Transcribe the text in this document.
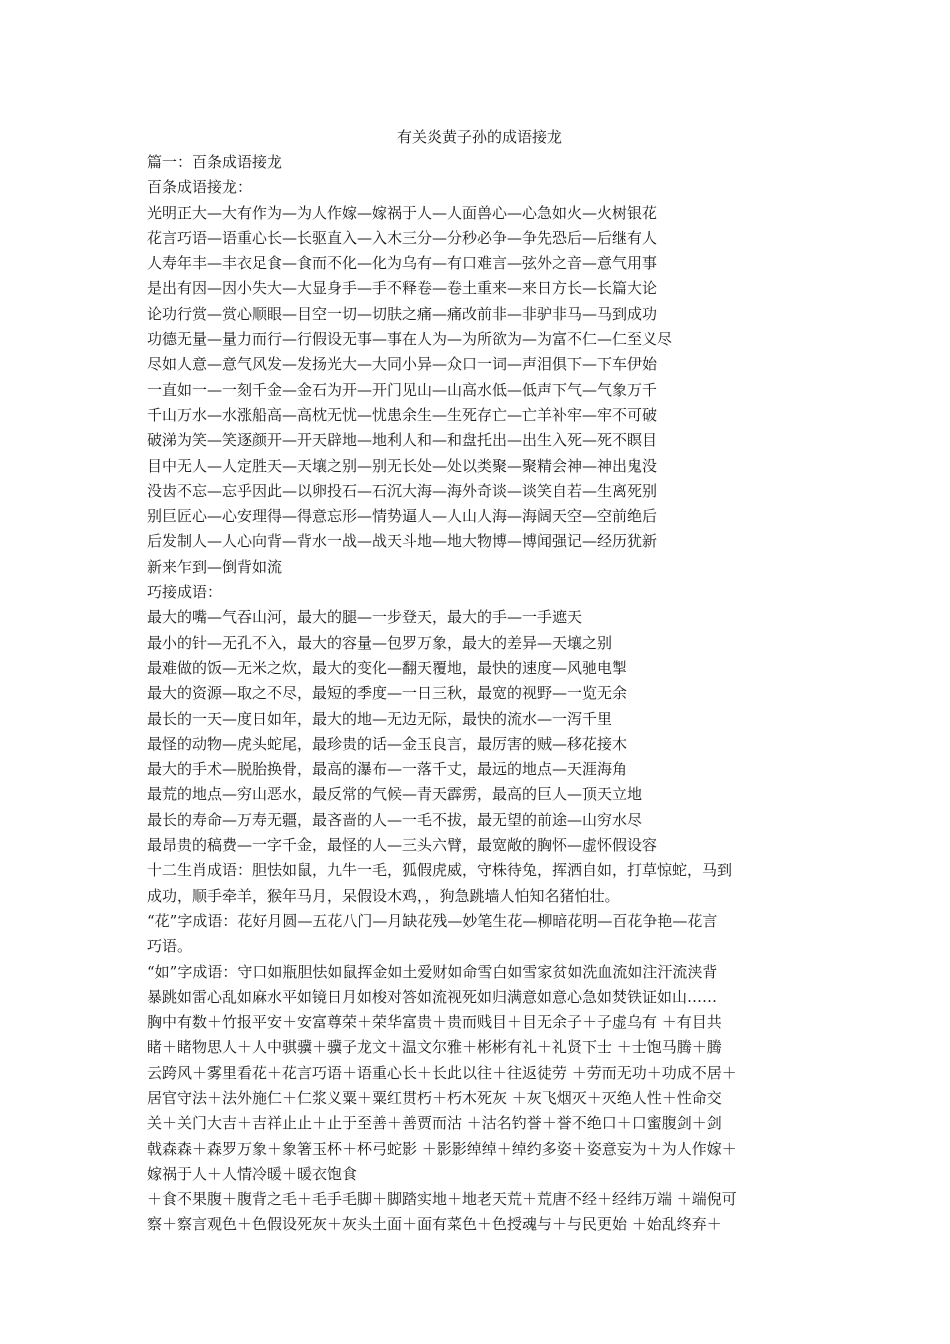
有关炎黄子孙的成语接龙

篇一：百条成语接龙

百条成语接龙：

光明正大—大有作为—为人作嫁—嫁祸于人—人面兽心—心急如火—火树银花

花言巧语—语重心长—长驱直入—入木三分—分秒必争—争先恐后—后继有人

人寿年丰—丰衣足食—食而不化—化为乌有—有口难言—弦外之音—意气用事

是出有因—因小失大—大显身手—手不释卷—卷土重来—来日方长—长篇大论

论功行赏—赏心顺眼—目空一切—切肤之痛—痛改前非—非驴非马—马到成功

功德无量—量力而行—行假设无事—事在人为—为所欲为—为富不仁—仁至义尽

尽如人意—意气风发—发扬光大—大同小异—众口一词—声泪俱下—下车伊始

一直如一—一刻千金—金石为开—开门见山—山高水低—低声下气—气象万千

千山万水—水涨船高—高枕无忧—忧患余生—生死存亡—亡羊补牢—牢不可破

破涕为笑—笑逐颜开—开天辟地—地利人和—和盘托出—出生入死—死不瞑目

目中无人—人定胜天—天壤之别—别无长处—处以类聚—聚精会神—神出鬼没

没齿不忘—忘乎因此—以卵投石—石沉大海—海外奇谈—谈笑自若—生离死别

别巨匠心—心安理得—得意忘形—情势逼人—人山人海—海阔天空—空前绝后

后发制人—人心向背—背水一战—战天斗地—地大物博—博闻强记—经历犹新

新来乍到—倒背如流

巧接成语：

最大的嘴—气吞山河，最大的腿—一步登天，最大的手—一手遮天

最小的针—无孔不入，最大的容量—包罗万象，最大的差异—天壤之别

最难做的饭—无米之炊，最大的变化—翻天覆地，最快的速度—风驰电掣

最大的资源—取之不尽，最短的季度—一日三秋，最宽的视野—一览无余

最长的一天—度日如年，最大的地—无边无际，最快的流水—一泻千里

最怪的动物—虎头蛇尾，最珍贵的话—金玉良言，最厉害的贼—移花接木

最大的手术—脱胎换骨，最高的瀑布—一落千丈，最远的地点—天涯海角

最荒的地点—穷山恶水，最反常的气候—青天霹雳，最高的巨人—顶天立地

最长的寿命—万寿无疆，最吝啬的人—一毛不拔，最无望的前途—山穷水尽

最昂贵的稿费—一字千金，最怪的人—三头六臂，最宽敞的胸怀—虚怀假设容

十二生肖成语：胆怯如鼠，九牛一毛，狐假虎威，守株待兔，挥洒自如，打草惊蛇，马到

成功，顺手牵羊，猴年马月，呆假设木鸡，，狗急跳墙人怕知名猪怕壮。

“花”字成语：花好月圆—五花八门—月缺花残—妙笔生花—柳暗花明—百花争艳—花言

巧语。

“如”字成语：守口如瓶胆怯如鼠挥金如土爱财如命雪白如雪家贫如洗血流如注汗流浃背

暴跳如雷心乱如麻水平如镜日月如梭对答如流视死如归满意如意心急如焚铁证如山……

胸中有数＋竹报平安＋安富尊荣＋荣华富贵＋贵而贱目＋目无余子＋子虚乌有 ＋有目共

睹＋睹物思人＋人中骐骥＋骥子龙文＋温文尔雅＋彬彬有礼＋礼贤下士 ＋士饱马腾＋腾

云跨风＋雾里看花＋花言巧语＋语重心长＋长此以往＋往返徒劳 ＋劳而无功＋功成不居＋

居官守法＋法外施仁＋仁浆义粟＋粟红贯朽＋朽木死灰 ＋灰飞烟灭＋灭绝人性＋性命交

关＋关门大吉＋吉祥止止＋止于至善＋善贾而沽 ＋沽名钓誉＋誉不绝口＋口蜜腹剑＋剑

戟森森＋森罗万象＋象箸玉杯＋杯弓蛇影 ＋影影绰绰＋绰约多姿＋姿意妄为＋为人作嫁＋

嫁祸于人＋人情冷暖＋暖衣饱食

＋食不果腹＋腹背之毛＋毛手毛脚＋脚踏实地＋地老天荒＋荒唐不经＋经纬万端 ＋端倪可

察＋察言观色＋色假设死灰＋灰头土面＋面有菜色＋色授魂与＋与民更始 ＋始乱终弃＋
